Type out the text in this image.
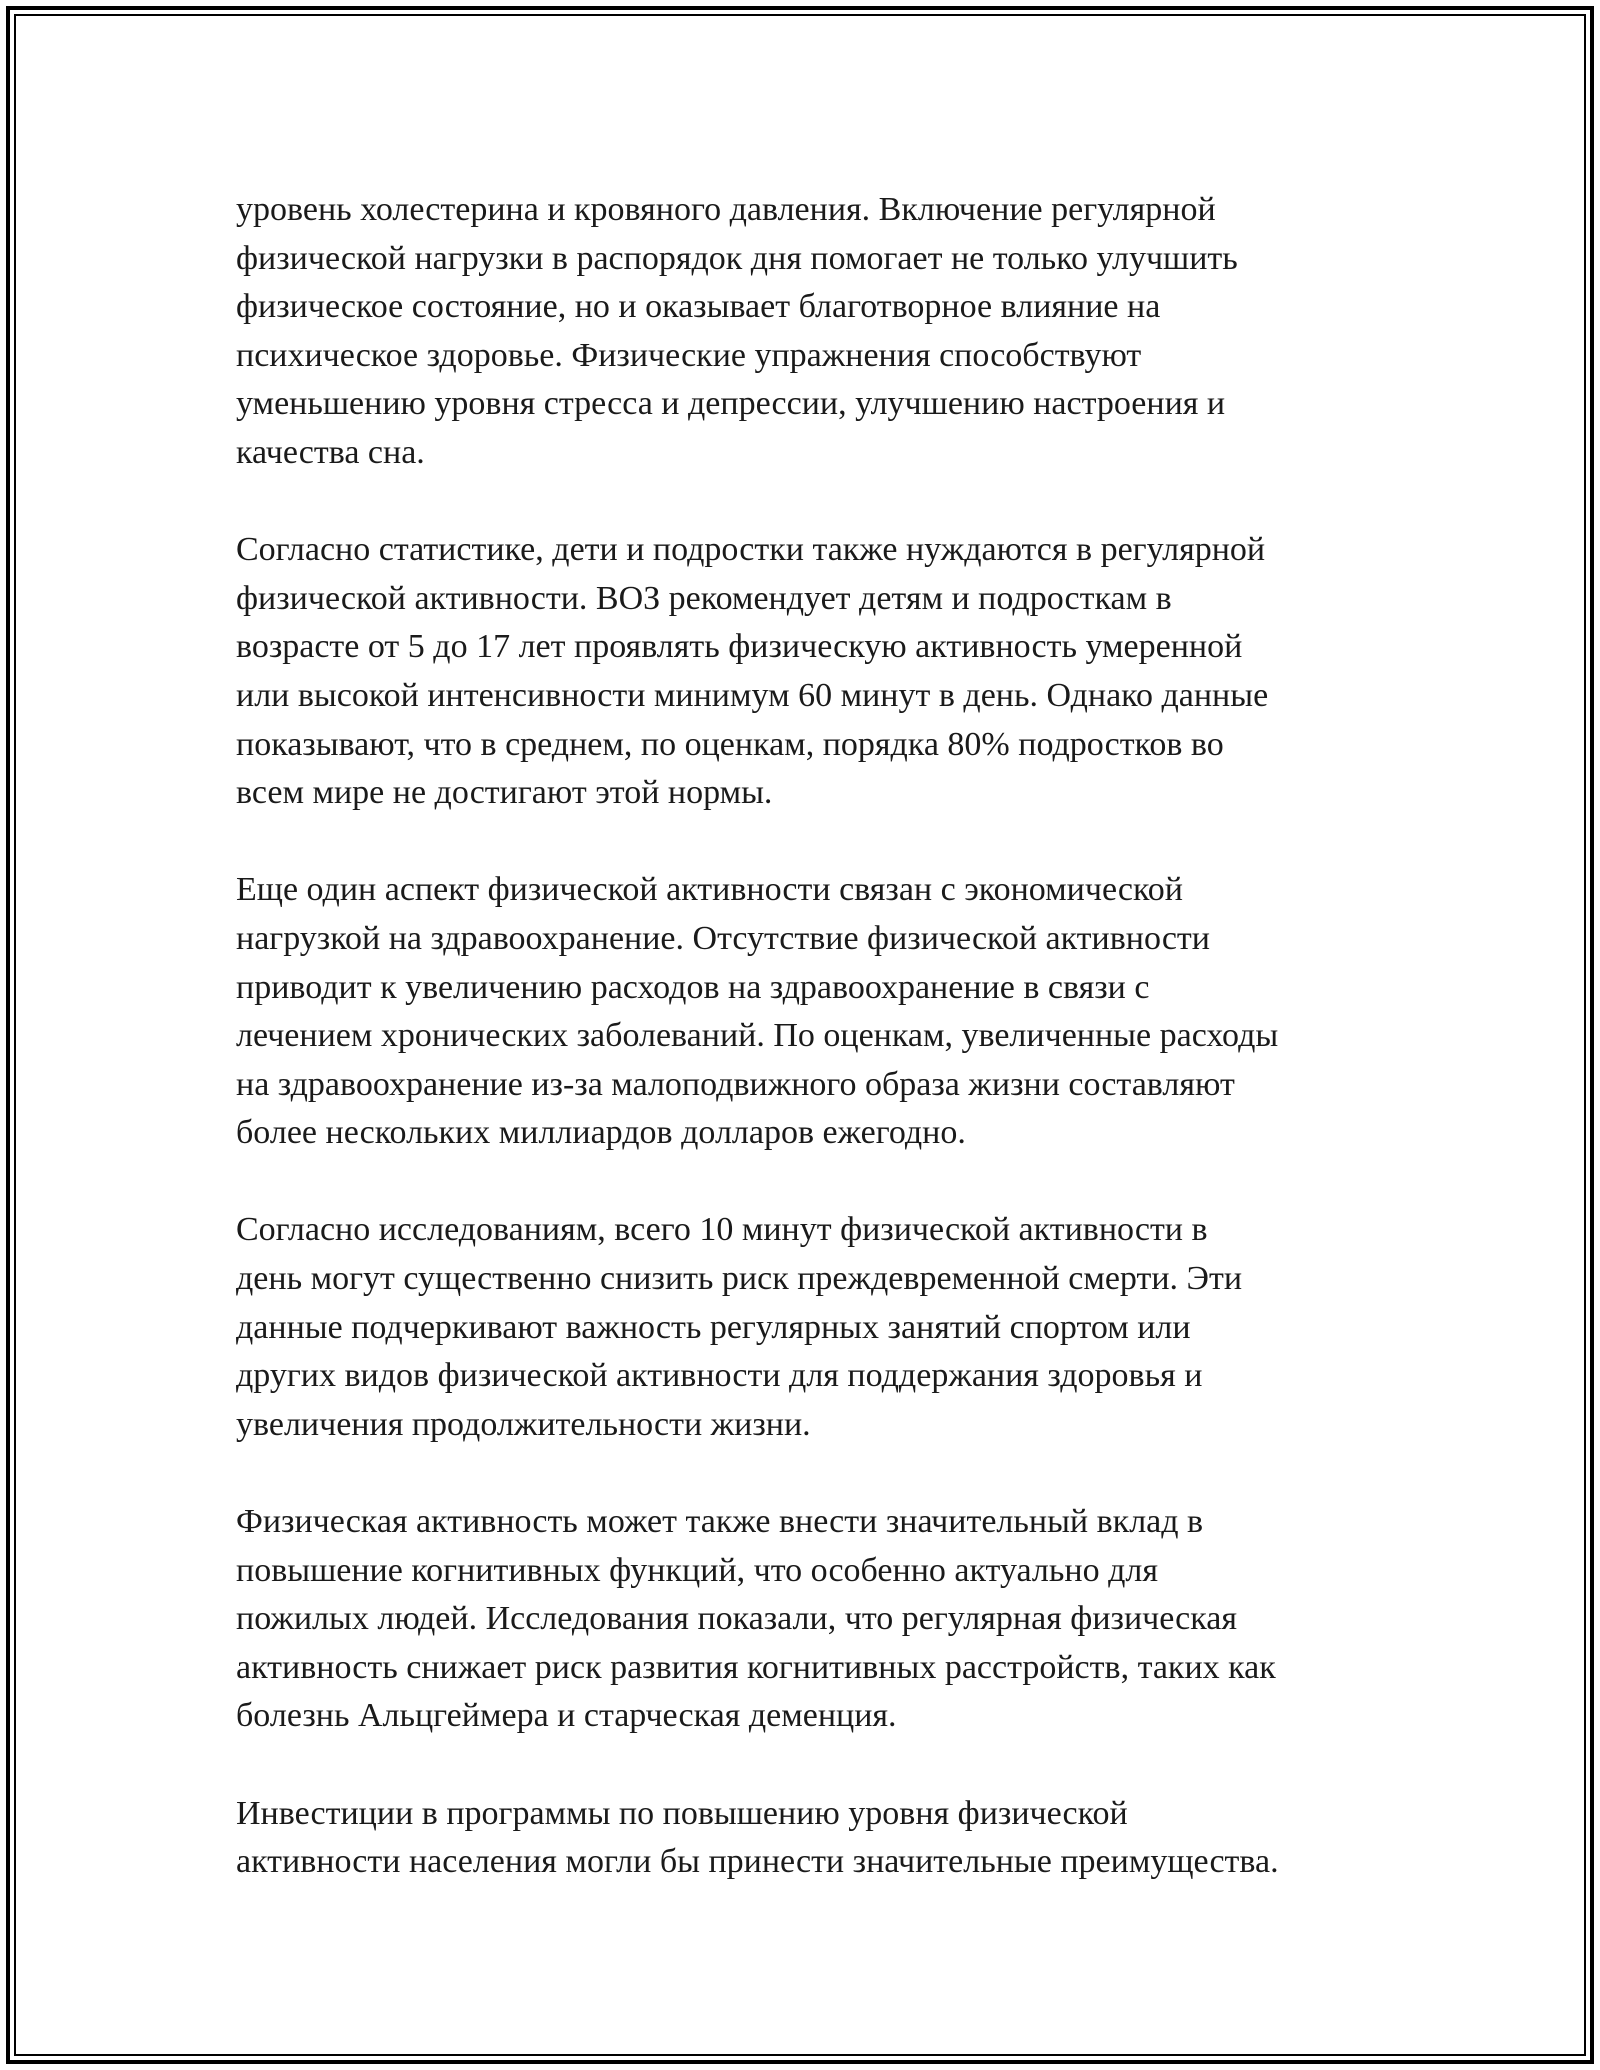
уровень холестерина и кровяного давления. Включение регулярной
физической нагрузки в распорядок дня помогает не только улучшить
физическое состояние, но и оказывает благотворное влияние на
психическое здоровье. Физические упражнения способствуют
уменьшению уровня стресса и депрессии, улучшению настроения и
качества сна.
Согласно статистике, дети и подростки также нуждаются в регулярной
физической активности. ВОЗ рекомендует детям и подросткам в
возрасте от 5 до 17 лет проявлять физическую активность умеренной
или высокой интенсивности минимум 60 минут в день. Однако данные
показывают, что в среднем, по оценкам, порядка 80% подростков во
всем мире не достигают этой нормы.
Еще один аспект физической активности связан с экономической
нагрузкой на здравоохранение. Отсутствие физической активности
приводит к увеличению расходов на здравоохранение в связи с
лечением хронических заболеваний. По оценкам, увеличенные расходы
на здравоохранение из-за малоподвижного образа жизни составляют
более нескольких миллиардов долларов ежегодно.
Согласно исследованиям, всего 10 минут физической активности в
день могут существенно снизить риск преждевременной смерти. Эти
данные подчеркивают важность регулярных занятий спортом или
других видов физической активности для поддержания здоровья и
увеличения продолжительности жизни.
Физическая активность может также внести значительный вклад в
повышение когнитивных функций, что особенно актуально для
пожилых людей. Исследования показали, что регулярная физическая
активность снижает риск развития когнитивных расстройств, таких как
болезнь Альцгеймера и старческая деменция.
Инвестиции в программы по повышению уровня физической
активности населения могли бы принести значительные преимущества.
